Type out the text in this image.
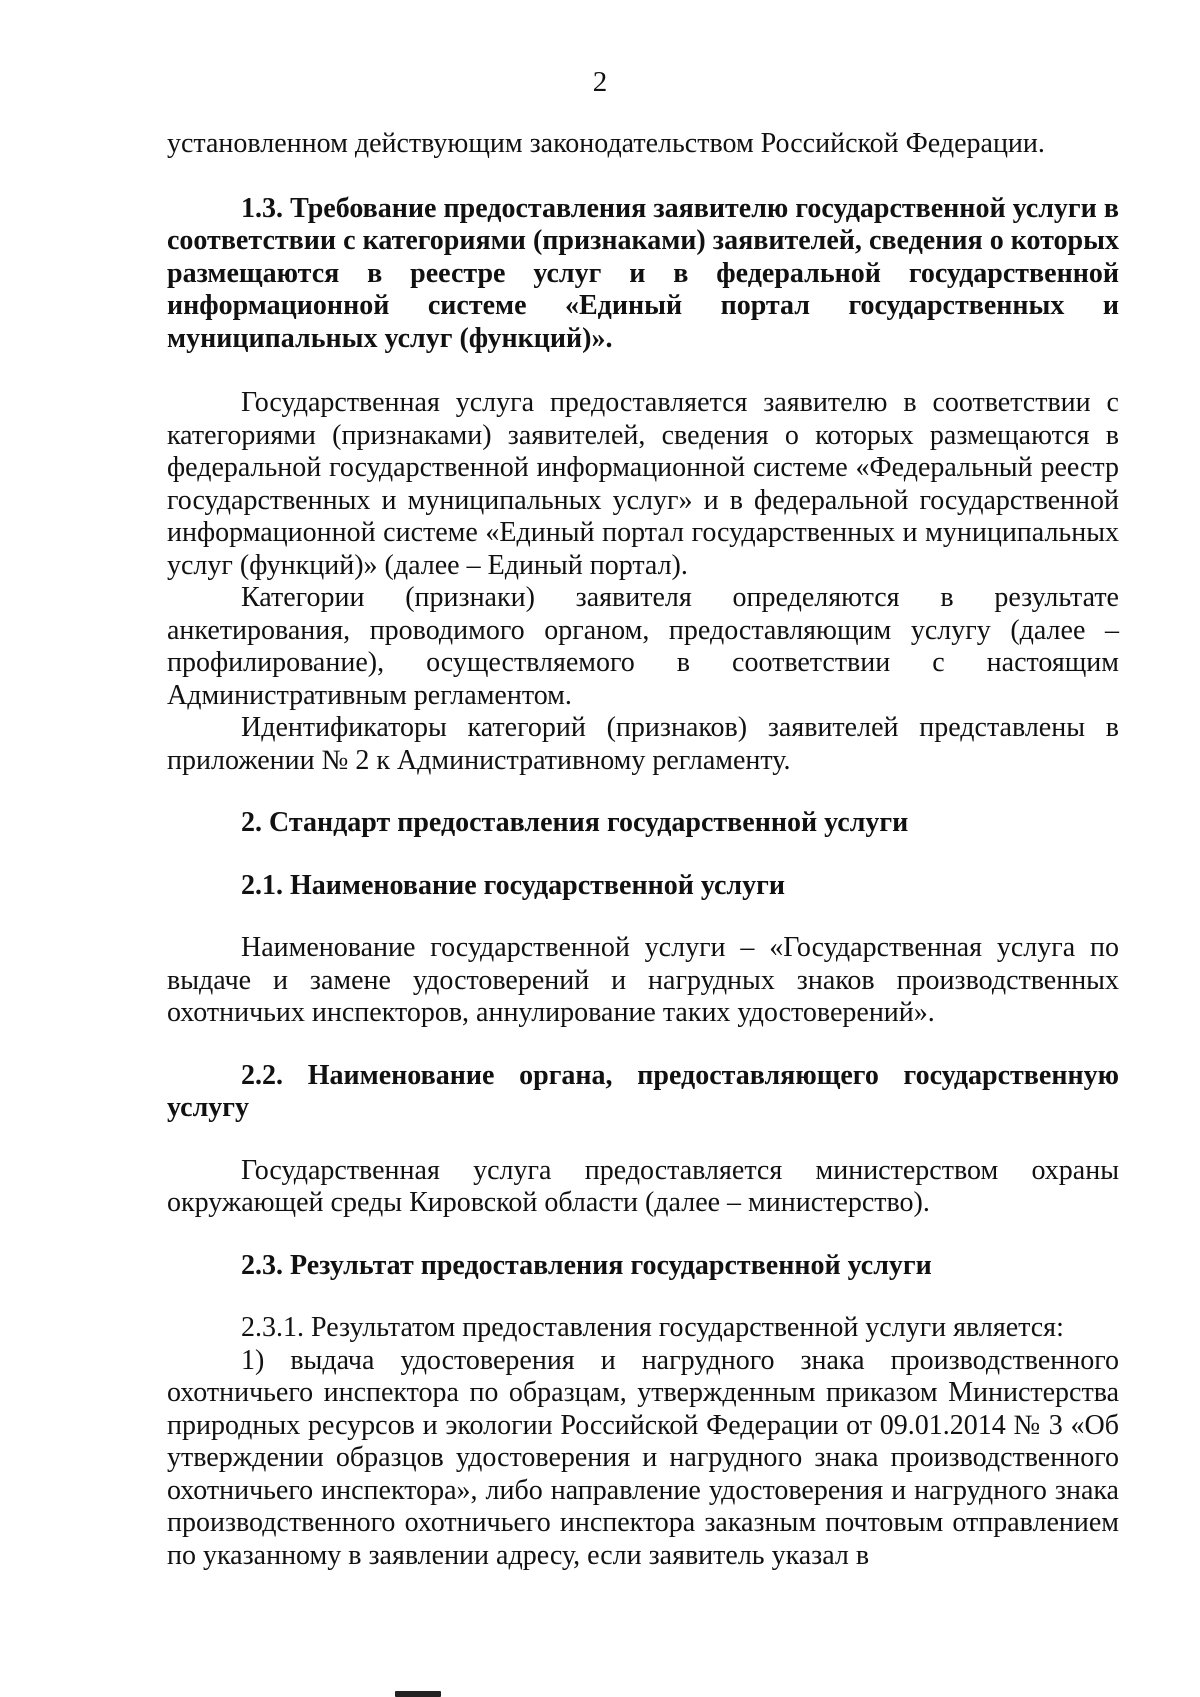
2

установленном действующим законодательством Российской Федерации.

1.3. Требование предоставления заявителю государственной услуги в соответствии с категориями (признаками) заявителей, сведения о которых размещаются в реестре услуг и в федеральной государственной информационной системе «Единый портал государственных и муниципальных услуг (функций)».

Государственная услуга предоставляется заявителю в соответствии с категориями (признаками) заявителей, сведения о которых размещаются в федеральной государственной информационной системе «Федеральный реестр государственных и муниципальных услуг» и в федеральной государственной информационной системе «Единый портал государственных и муниципальных услуг (функций)» (далее – Единый портал).

Категории (признаки) заявителя определяются в результате анкетирования, проводимого органом, предоставляющим услугу (далее – профилирование), осуществляемого в соответствии с настоящим Административным регламентом.

Идентификаторы категорий (признаков) заявителей представлены в приложении № 2 к Административному регламенту.

2. Стандарт предоставления государственной услуги

2.1. Наименование государственной услуги

Наименование государственной услуги – «Государственная услуга по выдаче и замене удостоверений и нагрудных знаков производственных охотничьих инспекторов, аннулирование таких удостоверений».

2.2. Наименование органа, предоставляющего государственную услугу

Государственная услуга предоставляется министерством охраны окружающей среды Кировской области (далее – министерство).

2.3. Результат предоставления государственной услуги

2.3.1. Результатом предоставления государственной услуги является:

1) выдача удостоверения и нагрудного знака производственного охотничьего инспектора по образцам, утвержденным приказом Министерства природных ресурсов и экологии Российской Федерации от 09.01.2014 № 3 «Об утверждении образцов удостоверения и нагрудного знака производственного охотничьего инспектора», либо направление удостоверения и нагрудного знака производственного охотничьего инспектора заказным почтовым отправлением по указанному в заявлении адресу, если заявитель указал в
